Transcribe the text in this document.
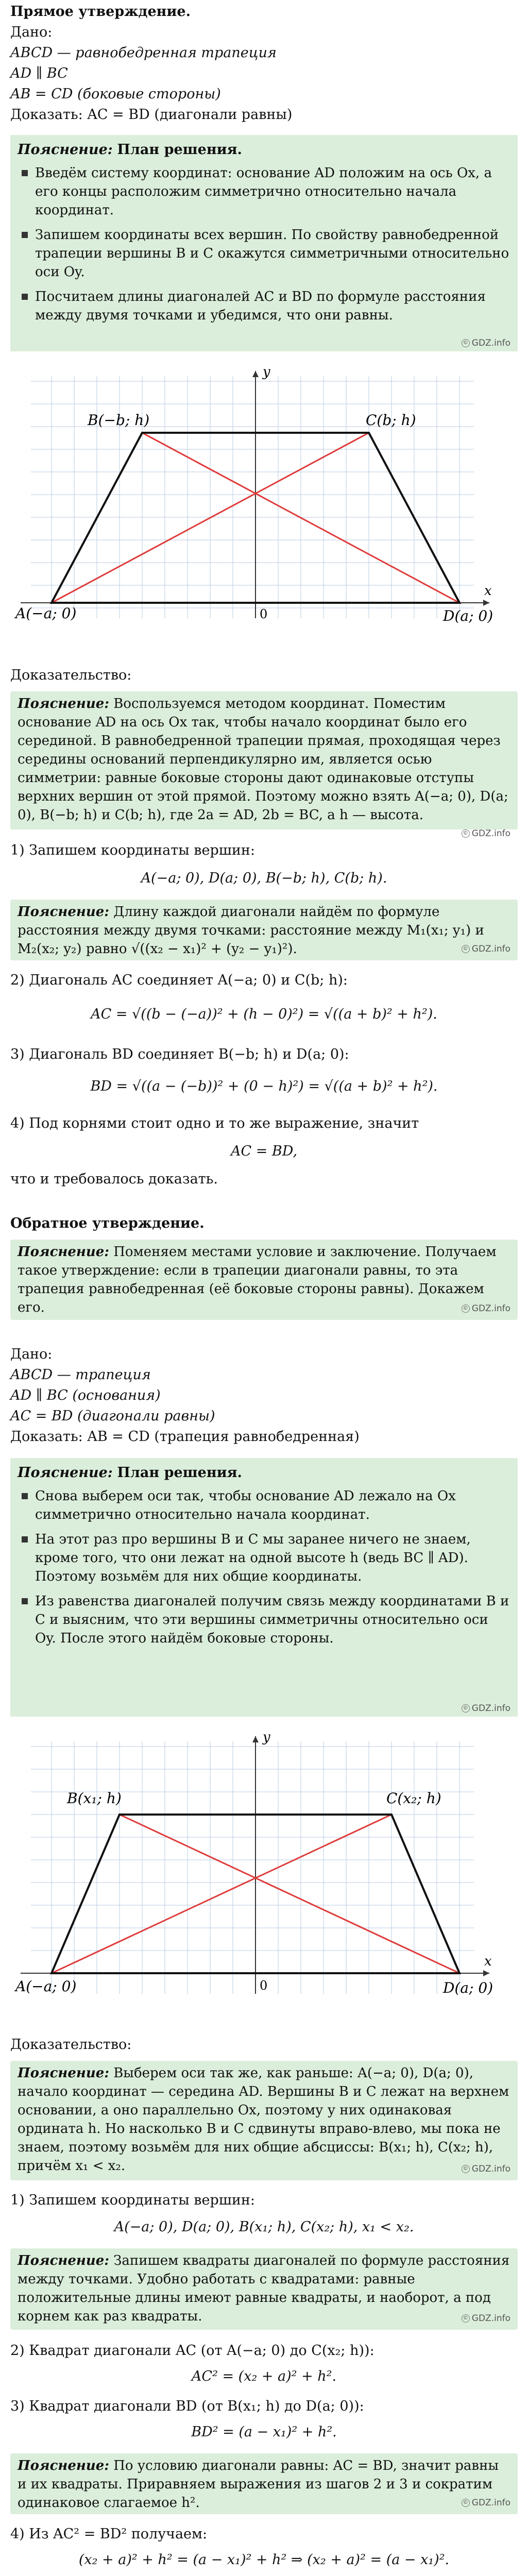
Прямое утверждение.
Дано:
ABCD — равнобедренная трапеция
AD ∥ BC
AB = CD (боковые стороны)
Доказать: AC = BD (диагонали равны)
Пояснение: План решения.
Введём систему координат: основание AD положим на ось Ox, а его концы расположим симметрично относительно начала координат.
Запишем координаты всех вершин. По свойству равнобедренной трапеции вершины B и C окажутся симметричными относительно оси Oy.
Посчитаем длины диагоналей AC и BD по формуле расстояния между двумя точками и убедимся, что они равны.
© GDZ.info
A(−a; 0)
B(−b; h)	C(b; h)
D(a; 0)
x
y
0
Доказательство:
Пояснение: Воспользуемся методом координат. Поместим основание AD на ось Ox так, чтобы начало координат было его серединой. В равнобедренной трапеции прямая, проходящая через середины оснований перпендикулярно им, является осью симметрии: равные боковые стороны дают одинаковые отступы верхних вершин от этой прямой. Поэтому можно взять A(−a; 0), D(a; 0), B(−b; h) и C(b; h), где 2a = AD, 2b = BC, а h — высота.
© GDZ.info
1) Запишем координаты вершин:
A(−a; 0), D(a; 0), B(−b; h), C(b; h).
Пояснение: Длину каждой диагонали найдём по формуле расстояния между двумя точками: расстояние между M₁(x₁; y₁) и M₂(x₂; y₂) равно √((x₂ − x₁)² + (y₂ − y₁)²).	© GDZ.info
2) Диагональ AC соединяет A(−a; 0) и C(b; h):
AC = √((b − (−a))² + (h − 0)²) = √((a + b)² + h²).
3) Диагональ BD соединяет B(−b; h) и D(a; 0):
BD = √((a − (−b))² + (0 − h)²) = √((a + b)² + h²).
4) Под корнями стоит одно и то же выражение, значит
AC = BD,
что и требовалось доказать.
Обратное утверждение.
Пояснение: Поменяем местами условие и заключение. Получаем такое утверждение: если в трапеции диагонали равны, то эта трапеция равнобедренная (её боковые стороны равны). Докажем его.	© GDZ.info
Дано:
ABCD — трапеция
AD ∥ BC (основания)
AC = BD (диагонали равны)
Доказать: AB = CD (трапеция равнобедренная)
Пояснение: План решения.
Снова выберем оси так, чтобы основание AD лежало на Ox симметрично относительно начала координат.
На этот раз про вершины B и C мы заранее ничего не знаем, кроме того, что они лежат на одной высоте h (ведь BC ∥ AD). Поэтому возьмём для них общие координаты.
Из равенства диагоналей получим связь между координатами B и C и выясним, что эти вершины симметричны относительно оси Oy. После этого найдём боковые стороны.
© GDZ.info
A(−a; 0)
B(x₁; h)	C(x₂; h)
D(a; 0)
x
y
0
Доказательство:
Пояснение: Выберем оси так же, как раньше: A(−a; 0), D(a; 0), начало координат — середина AD. Вершины B и C лежат на верхнем основании, а оно параллельно Ox, поэтому у них одинаковая ордината h. Но насколько B и C сдвинуты вправо-влево, мы пока не знаем, поэтому возьмём для них общие абсциссы: B(x₁; h), C(x₂; h), причём x₁ < x₂.	© GDZ.info
1) Запишем координаты вершин:
A(−a; 0), D(a; 0), B(x₁; h), C(x₂; h), x₁ < x₂.
Пояснение: Запишем квадраты диагоналей по формуле расстояния между точками. Удобно работать с квадратами: равные положительные длины имеют равные квадраты, и наоборот, а под корнем как раз квадраты.	© GDZ.info
2) Квадрат диагонали AC (от A(−a; 0) до C(x₂; h)):
AC² = (x₂ + a)² + h².
3) Квадрат диагонали BD (от B(x₁; h) до D(a; 0)):
BD² = (a − x₁)² + h².
Пояснение: По условию диагонали равны: AC = BD, значит равны и их квадраты. Приравняем выражения из шагов 2 и 3 и сократим одинаковое слагаемое h².	© GDZ.info
4) Из AC² = BD² получаем:
(x₂ + a)² + h² = (a − x₁)² + h² ⇒ (x₂ + a)² = (a − x₁)².
